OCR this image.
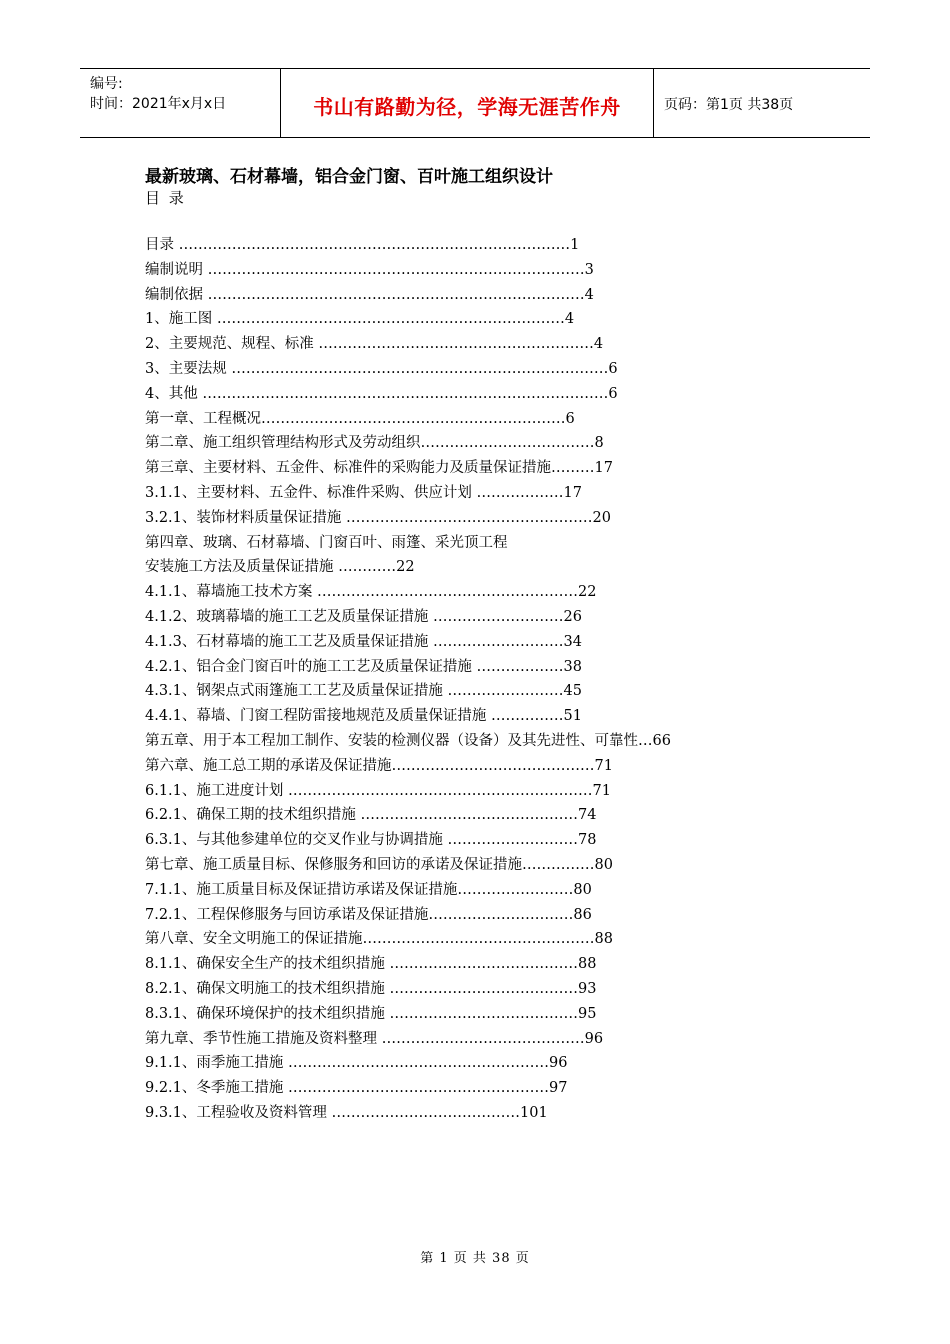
编号:
时间：2021年x月x日	书山有路勤为径，学海无涯苦作舟	页码：第1页 共38页
最新玻璃、石材幕墙，铝合金门窗、百叶施工组织设计
目 录
目录 ………………………………………………………………………1
编制说明 ……………………………………………………………………3
编制依据 ……………………………………………………………………4
1、施工图 ………………………………………………………………4
2、主要规范、规程、标准 …………………………………………………4
3、主要法规 ……………………………………………………………………6
4、其他 …………………………………………………………………………6
第一章、工程概况………………………………………………………6
第二章、施工组织管理结构形式及劳动组织………………………………8
第三章、主要材料、五金件、标准件的采购能力及质量保证措施………17
3.1.1、主要材料、五金件、标准件采购、供应计划 ………………17
3.2.1、装饰材料质量保证措施 ……………………………………………20
第四章、玻璃、石材幕墙、门窗百叶、雨篷、采光顶工程
安装施工方法及质量保证措施 …………22
4.1.1、幕墙施工技术方案 ………………………………………………22
4.1.2、玻璃幕墙的施工工艺及质量保证措施 ………………………26
4.1.3、石材幕墙的施工工艺及质量保证措施 ………………………34
4.2.1、铝合金门窗百叶的施工工艺及质量保证措施 ………………38
4.3.1、钢架点式雨篷施工工艺及质量保证措施 ……………………45
4.4.1、幕墙、门窗工程防雷接地规范及质量保证措施 ……………51
第五章、用于本工程加工制作、安装的检测仪器（设备）及其先进性、可靠性…66
第六章、施工总工期的承诺及保证措施……………………………………71
6.1.1、施工进度计划 ………………………………………………………71
6.2.1、确保工期的技术组织措施 ………………………………………74
6.3.1、与其他参建单位的交叉作业与协调措施 ………………………78
第七章、施工质量目标、保修服务和回访的承诺及保证措施……………80
7.1.1、施工质量目标及保证措访承诺及保证措施……………………80
7.2.1、工程保修服务与回访承诺及保证措施…………………………86
第八章、安全文明施工的保证措施…………………………………………88
8.1.1、确保安全生产的技术组织措施 …………………………………88
8.2.1、确保文明施工的技术组织措施 …………………………………93
8.3.1、确保环境保护的技术组织措施 …………………………………95
第九章、季节性施工措施及资料整理 ……………………………………96
9.1.1、雨季施工措施 ………………………………………………96
9.2.1、冬季施工措施 ………………………………………………97
9.3.1、工程验收及资料管理 …………………………………101
第 1 页 共 38 页
